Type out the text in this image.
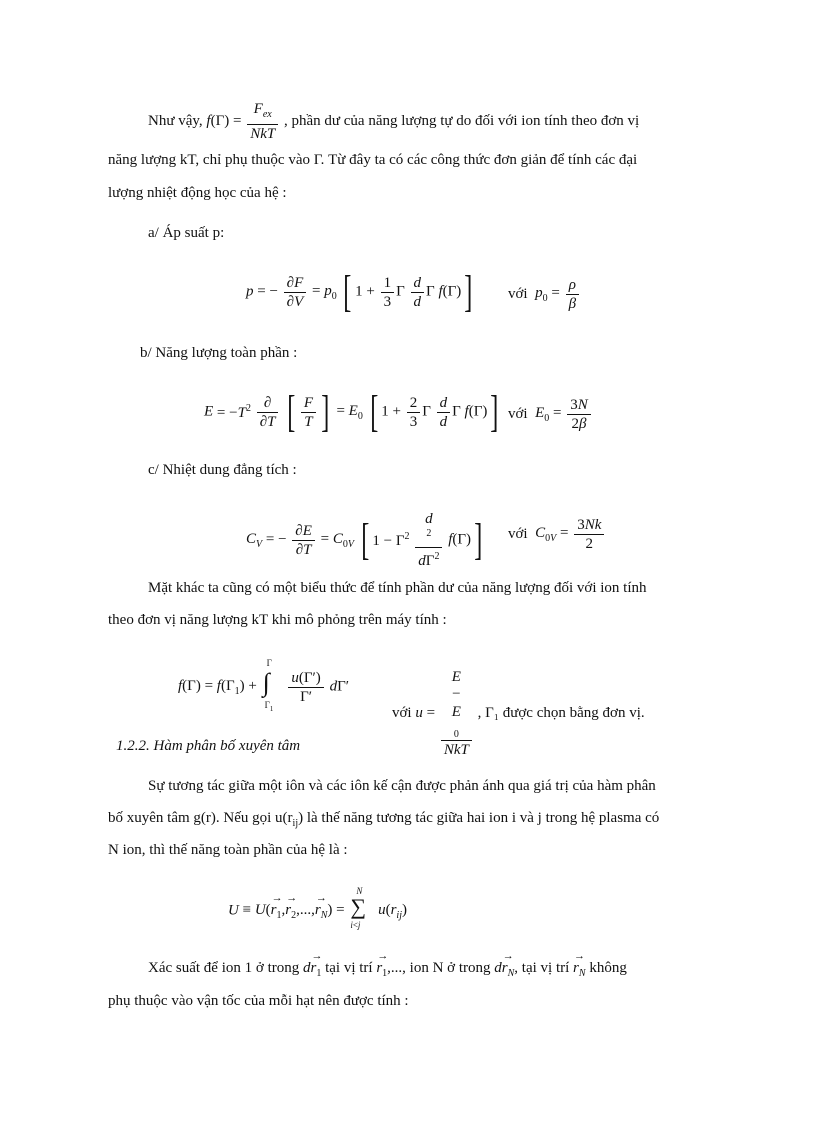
Như vậy, $f(\Gamma) = \frac{F_{ex}}{\text{NkT}}$ , phần dư của năng lượng tự do đối với ion tính theo đơn vị
năng lượng kT, chỉ phụ thuộc vào Γ. Từ đây ta có các công thức đơn giản để tính các đại
lượng nhiệt động học của hệ :
a/ Áp suất p:
p = − $\frac{\partial F}{\partial V} = p_0$ [ $1 + \frac{1}{3}$ Γ $\frac{d}{d}$ Γ f(Γ)] với $p_0 = \frac{\rho}{\beta}$
b/ Năng lượng toàn phần :
$E = -T^2 \frac{\partial}{\partial T}$ [ $\frac{F}{T}$ ] = $E_0$ [ $1 + \frac{2}{3}$ Γ $\frac{d}{d}$ Γ f(Γ)] với $E_0 = \frac{3N}{2\beta}$
c/ Nhiệt dung đẳng tích :
$C_V$ = − $\frac{\partial E}{\partial T} = C_{0V}$ [ $1 - \Gamma^2$
d
$^2$
$d\Gamma^2$
f(Γ)] với $C_{0V} = \frac{3Nk}{2}$
Mặt khác ta cũng có một biểu thức để tính phần dư của năng lượng đối với ion tính
theo đơn vị năng lượng kT khi mô phỏng trên máy tính :
$f(\Gamma) = f(\Gamma_1)$ +
Γ
∫
$\Gamma_1$

$\frac{u(\Gamma')}{\Gamma'} d\Gamma'$
với u =
E
−
E
$_0$
NkT
, Γ₁ được chọn bằng đơn vị.
1.2.2. Hàm phân bố xuyên tâm
Sự tương tác giữa một iôn và các iôn kế cận được phản ánh qua giá trị của hàm phân
bố xuyên tâm g(r). Nếu gọi $u(r_{ij})$ là thế năng tương tác giữa hai ion i và j trong hệ plasma có
N ion, thì thế năng toàn phần của hệ là :
$U \equiv U(\to r_1,\to r_2,...,\to r_N)$ =
N
∑
i<j
$u(r_{ij})$
Xác suất để ion 1 ở trong $d\to r_1$ tại vị trí → $r_1$,..., ion N ở trong $d\to r_N$, tại vị trí → $r_N$ không
phụ thuộc vào vận tốc của mỗi hạt nên được tính :
